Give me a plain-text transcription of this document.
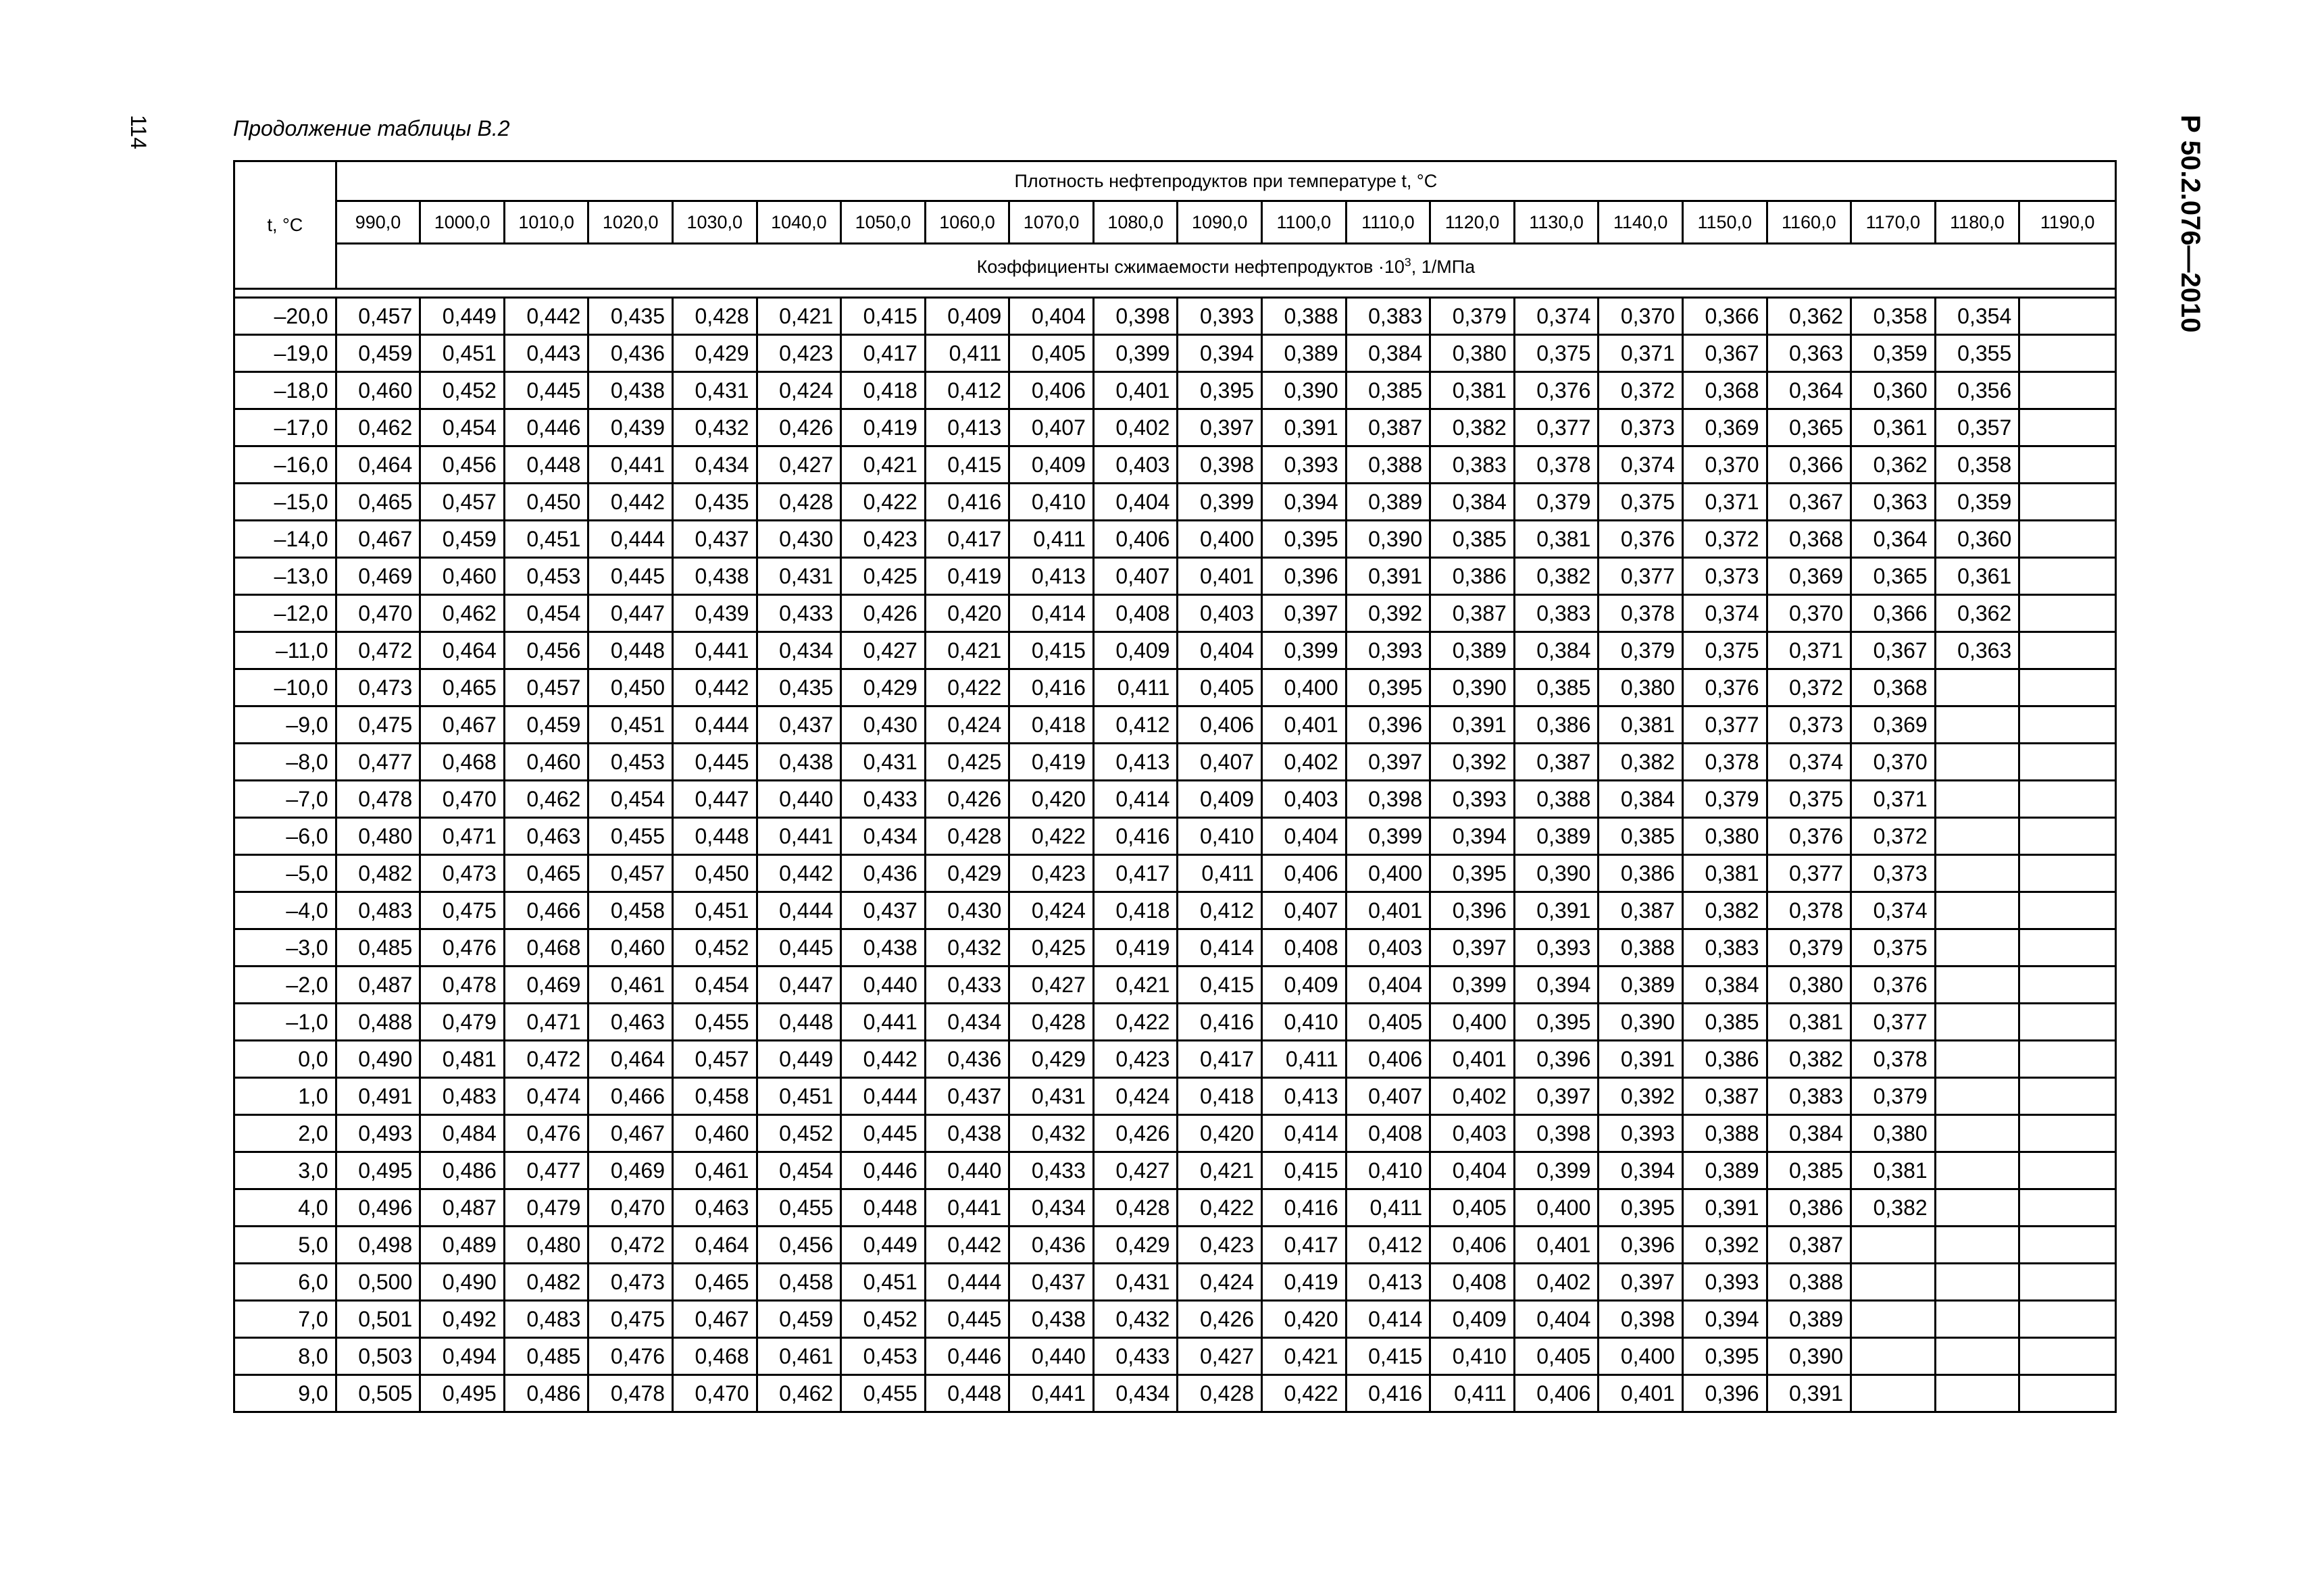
114	Р 50.2.076—2010
Продолжение таблицы В.2
t, °C	Плотность нефтепродуктов при температуре t, °C																				
	990,0	1000,0	1010,0	1020,0	1030,0	1040,0	1050,0	1060,0	1070,0	1080,0	1090,0	1100,0	1110,0	1120,0	1130,0	1140,0	1150,0	1160,0	1170,0	1180,0	1190,0
	Коэффициенты сжимаемости нефтепродуктов $\cdot 10^3$, 1/МПа																				

–20,0	0,457	0,449	0,442	0,435	0,428	0,421	0,415	0,409	0,404	0,398	0,393	0,388	0,383	0,379	0,374	0,370	0,366	0,362	0,358	0,354	
–19,0	0,459	0,451	0,443	0,436	0,429	0,423	0,417	0,411	0,405	0,399	0,394	0,389	0,384	0,380	0,375	0,371	0,367	0,363	0,359	0,355	
–18,0	0,460	0,452	0,445	0,438	0,431	0,424	0,418	0,412	0,406	0,401	0,395	0,390	0,385	0,381	0,376	0,372	0,368	0,364	0,360	0,356	
–17,0	0,462	0,454	0,446	0,439	0,432	0,426	0,419	0,413	0,407	0,402	0,397	0,391	0,387	0,382	0,377	0,373	0,369	0,365	0,361	0,357	
–16,0	0,464	0,456	0,448	0,441	0,434	0,427	0,421	0,415	0,409	0,403	0,398	0,393	0,388	0,383	0,378	0,374	0,370	0,366	0,362	0,358	
–15,0	0,465	0,457	0,450	0,442	0,435	0,428	0,422	0,416	0,410	0,404	0,399	0,394	0,389	0,384	0,379	0,375	0,371	0,367	0,363	0,359	
–14,0	0,467	0,459	0,451	0,444	0,437	0,430	0,423	0,417	0,411	0,406	0,400	0,395	0,390	0,385	0,381	0,376	0,372	0,368	0,364	0,360	
–13,0	0,469	0,460	0,453	0,445	0,438	0,431	0,425	0,419	0,413	0,407	0,401	0,396	0,391	0,386	0,382	0,377	0,373	0,369	0,365	0,361	
–12,0	0,470	0,462	0,454	0,447	0,439	0,433	0,426	0,420	0,414	0,408	0,403	0,397	0,392	0,387	0,383	0,378	0,374	0,370	0,366	0,362	
–11,0	0,472	0,464	0,456	0,448	0,441	0,434	0,427	0,421	0,415	0,409	0,404	0,399	0,393	0,389	0,384	0,379	0,375	0,371	0,367	0,363	
–10,0	0,473	0,465	0,457	0,450	0,442	0,435	0,429	0,422	0,416	0,411	0,405	0,400	0,395	0,390	0,385	0,380	0,376	0,372	0,368		
–9,0	0,475	0,467	0,459	0,451	0,444	0,437	0,430	0,424	0,418	0,412	0,406	0,401	0,396	0,391	0,386	0,381	0,377	0,373	0,369		
–8,0	0,477	0,468	0,460	0,453	0,445	0,438	0,431	0,425	0,419	0,413	0,407	0,402	0,397	0,392	0,387	0,382	0,378	0,374	0,370		
–7,0	0,478	0,470	0,462	0,454	0,447	0,440	0,433	0,426	0,420	0,414	0,409	0,403	0,398	0,393	0,388	0,384	0,379	0,375	0,371		
–6,0	0,480	0,471	0,463	0,455	0,448	0,441	0,434	0,428	0,422	0,416	0,410	0,404	0,399	0,394	0,389	0,385	0,380	0,376	0,372		
–5,0	0,482	0,473	0,465	0,457	0,450	0,442	0,436	0,429	0,423	0,417	0,411	0,406	0,400	0,395	0,390	0,386	0,381	0,377	0,373		
–4,0	0,483	0,475	0,466	0,458	0,451	0,444	0,437	0,430	0,424	0,418	0,412	0,407	0,401	0,396	0,391	0,387	0,382	0,378	0,374		
–3,0	0,485	0,476	0,468	0,460	0,452	0,445	0,438	0,432	0,425	0,419	0,414	0,408	0,403	0,397	0,393	0,388	0,383	0,379	0,375		
–2,0	0,487	0,478	0,469	0,461	0,454	0,447	0,440	0,433	0,427	0,421	0,415	0,409	0,404	0,399	0,394	0,389	0,384	0,380	0,376		
–1,0	0,488	0,479	0,471	0,463	0,455	0,448	0,441	0,434	0,428	0,422	0,416	0,410	0,405	0,400	0,395	0,390	0,385	0,381	0,377		
0,0	0,490	0,481	0,472	0,464	0,457	0,449	0,442	0,436	0,429	0,423	0,417	0,411	0,406	0,401	0,396	0,391	0,386	0,382	0,378		
1,0	0,491	0,483	0,474	0,466	0,458	0,451	0,444	0,437	0,431	0,424	0,418	0,413	0,407	0,402	0,397	0,392	0,387	0,383	0,379		
2,0	0,493	0,484	0,476	0,467	0,460	0,452	0,445	0,438	0,432	0,426	0,420	0,414	0,408	0,403	0,398	0,393	0,388	0,384	0,380		
3,0	0,495	0,486	0,477	0,469	0,461	0,454	0,446	0,440	0,433	0,427	0,421	0,415	0,410	0,404	0,399	0,394	0,389	0,385	0,381		
4,0	0,496	0,487	0,479	0,470	0,463	0,455	0,448	0,441	0,434	0,428	0,422	0,416	0,411	0,405	0,400	0,395	0,391	0,386	0,382		
5,0	0,498	0,489	0,480	0,472	0,464	0,456	0,449	0,442	0,436	0,429	0,423	0,417	0,412	0,406	0,401	0,396	0,392	0,387			
6,0	0,500	0,490	0,482	0,473	0,465	0,458	0,451	0,444	0,437	0,431	0,424	0,419	0,413	0,408	0,402	0,397	0,393	0,388			
7,0	0,501	0,492	0,483	0,475	0,467	0,459	0,452	0,445	0,438	0,432	0,426	0,420	0,414	0,409	0,404	0,398	0,394	0,389			
8,0	0,503	0,494	0,485	0,476	0,468	0,461	0,453	0,446	0,440	0,433	0,427	0,421	0,415	0,410	0,405	0,400	0,395	0,390			
9,0	0,505	0,495	0,486	0,478	0,470	0,462	0,455	0,448	0,441	0,434	0,428	0,422	0,416	0,411	0,406	0,401	0,396	0,391			
